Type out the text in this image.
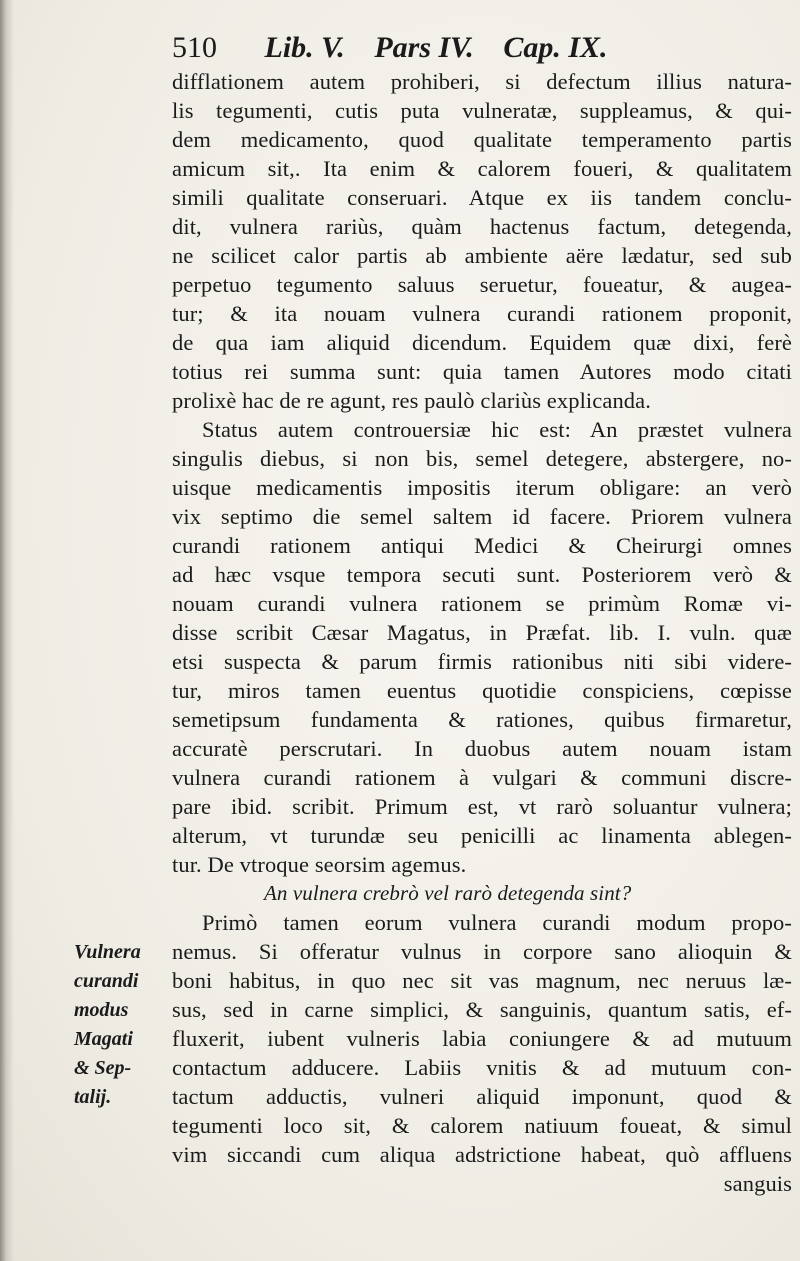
510 Lib. V. Pars IV. Cap. IX.
difflationem autem prohiberi, si defectum illius natura-
lis tegumenti, cutis puta vulneratæ, suppleamus, & qui-
dem medicamento, quod qualitate temperamento partis
amicum sit,. Ita enim & calorem foueri, & qualitatem
simili qualitate conseruari. Atque ex iis tandem conclu-
dit, vulnera rariùs, quàm hactenus factum, detegenda,
ne scilicet calor partis ab ambiente aëre lædatur, sed sub
perpetuo tegumento saluus seruetur, foueatur, & augea-
tur; & ita nouam vulnera curandi rationem proponit,
de qua iam aliquid dicendum. Equidem quæ dixi, ferè
totius rei summa sunt: quia tamen Autores modo citati
prolixè hac de re agunt, res paulò clariùs explicanda.
Status autem controuersiæ hic est: An præstet vulnera
singulis diebus, si non bis, semel detegere, abstergere, no-
uisque medicamentis impositis iterum obligare: an verò
vix septimo die semel saltem id facere. Priorem vulnera
curandi rationem antiqui Medici & Cheirurgi omnes
ad hæc vsque tempora secuti sunt. Posteriorem verò &
nouam curandi vulnera rationem se primùm Romæ vi-
disse scribit Cæsar Magatus, in Præfat. lib. I. vuln. quæ
etsi suspecta & parum firmis rationibus niti sibi videre-
tur, miros tamen euentus quotidie conspiciens, cœpisse
semetipsum fundamenta & rationes, quibus firmaretur,
accuratè perscrutari. In duobus autem nouam istam
vulnera curandi rationem à vulgari & communi discre-
pare ibid. scribit. Primum est, vt rarò soluantur vulnera;
alterum, vt turundæ seu penicilli ac linamenta ablegen-
tur. De vtroque seorsim agemus.
An vulnera crebrò vel rarò detegenda sint?
Primò tamen eorum vulnera curandi modum propo-
nemus. Si offeratur vulnus in corpore sano alioquin &
boni habitus, in quo nec sit vas magnum, nec neruus læ-
sus, sed in carne simplici, & sanguinis, quantum satis, ef-
fluxerit, iubent vulneris labia coniungere & ad mutuum
contactum adducere. Labiis vnitis & ad mutuum con-
tactum adductis, vulneri aliquid imponunt, quod &
tegumenti loco sit, & calorem natiuum foueat, & simul
vim siccandi cum aliqua adstrictione habeat, quò affluens
sanguis
Vulnera
curandi
modus
Magati
& Sep-
talij.
